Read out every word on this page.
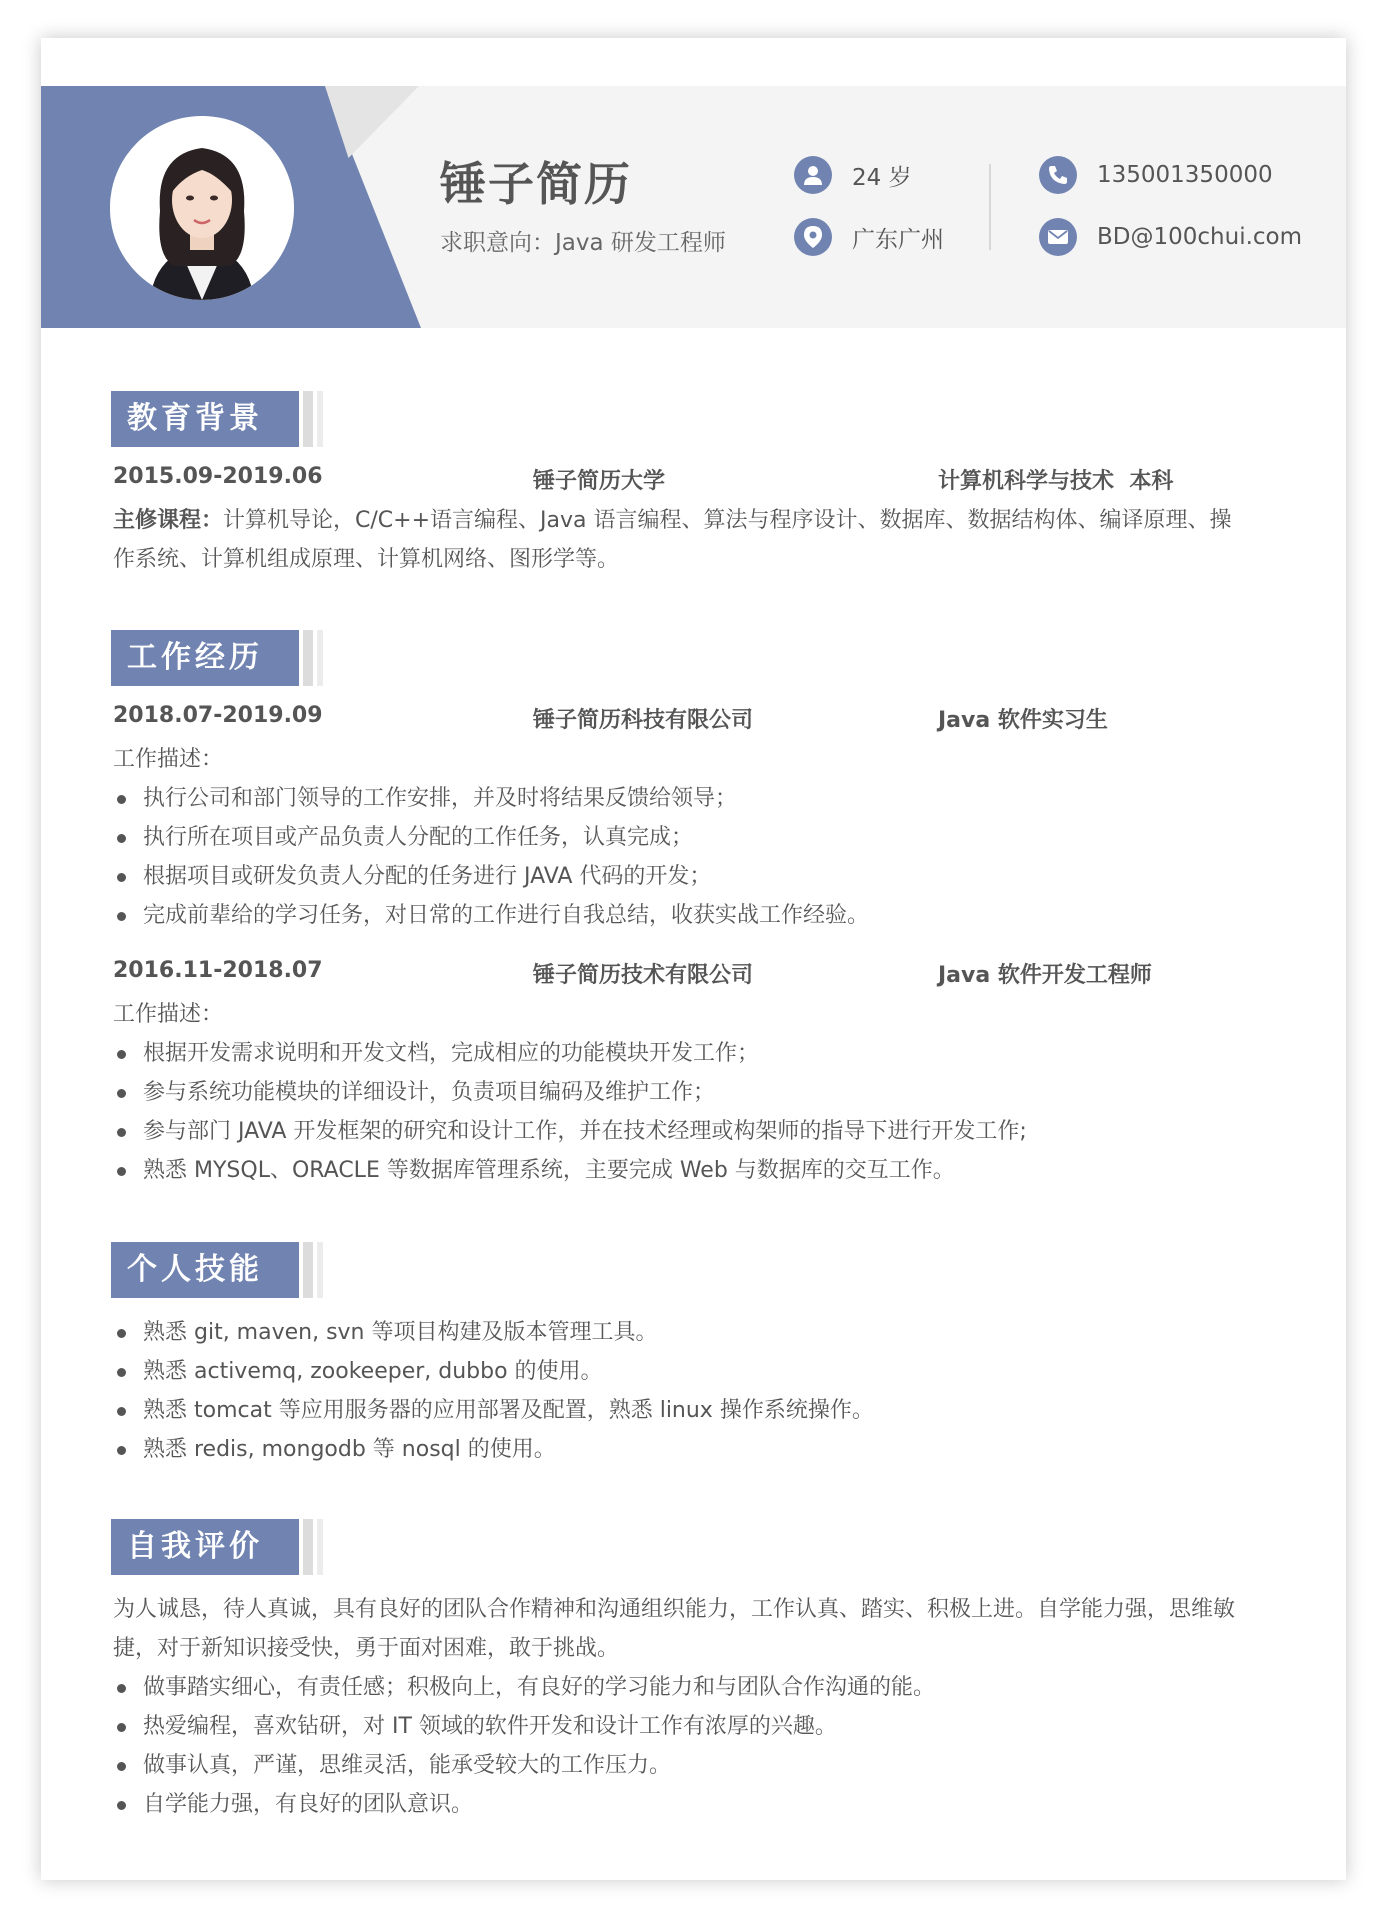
锤子简历
求职意向：Java 研发工程师
24 岁
广东广州
135001350000
BD@100chui.com
教育背景
2015.09-2019.06	锤子简历大学	计算机科学与技术  本科
主修课程：计算机导论，C/C++语言编程、Java 语言编程、算法与程序设计、数据库、数据结构体、编译原理、操
作系统、计算机组成原理、计算机网络、图形学等。
工作经历
2018.07-2019.09	锤子简历科技有限公司	Java 软件实习生
工作描述：
执行公司和部门领导的工作安排，并及时将结果反馈给领导；
执行所在项目或产品负责人分配的工作任务，认真完成；
根据项目或研发负责人分配的任务进行 JAVA 代码的开发；
完成前辈给的学习任务，对日常的工作进行自我总结，收获实战工作经验。
2016.11-2018.07	锤子简历技术有限公司	Java 软件开发工程师
工作描述：
根据开发需求说明和开发文档，完成相应的功能模块开发工作；
参与系统功能模块的详细设计，负责项目编码及维护工作；
参与部门 JAVA 开发框架的研究和设计工作，并在技术经理或构架师的指导下进行开发工作;
熟悉 MYSQL、ORACLE 等数据库管理系统，主要完成 Web 与数据库的交互工作。
个人技能
熟悉 git, maven, svn 等项目构建及版本管理工具。
熟悉 activemq, zookeeper, dubbo 的使用。
熟悉 tomcat 等应用服务器的应用部署及配置，熟悉 linux 操作系统操作。
熟悉 redis, mongodb 等 nosql 的使用。
自我评价
为人诚恳，待人真诚，具有良好的团队合作精神和沟通组织能力，工作认真、踏实、积极上进。自学能力强，思维敏
捷，对于新知识接受快，勇于面对困难，敢于挑战。
做事踏实细心，有责任感；积极向上，有良好的学习能力和与团队合作沟通的能。
热爱编程，喜欢钻研，对 IT 领域的软件开发和设计工作有浓厚的兴趣。
做事认真，严谨，思维灵活，能承受较大的工作压力。
自学能力强，有良好的团队意识。
